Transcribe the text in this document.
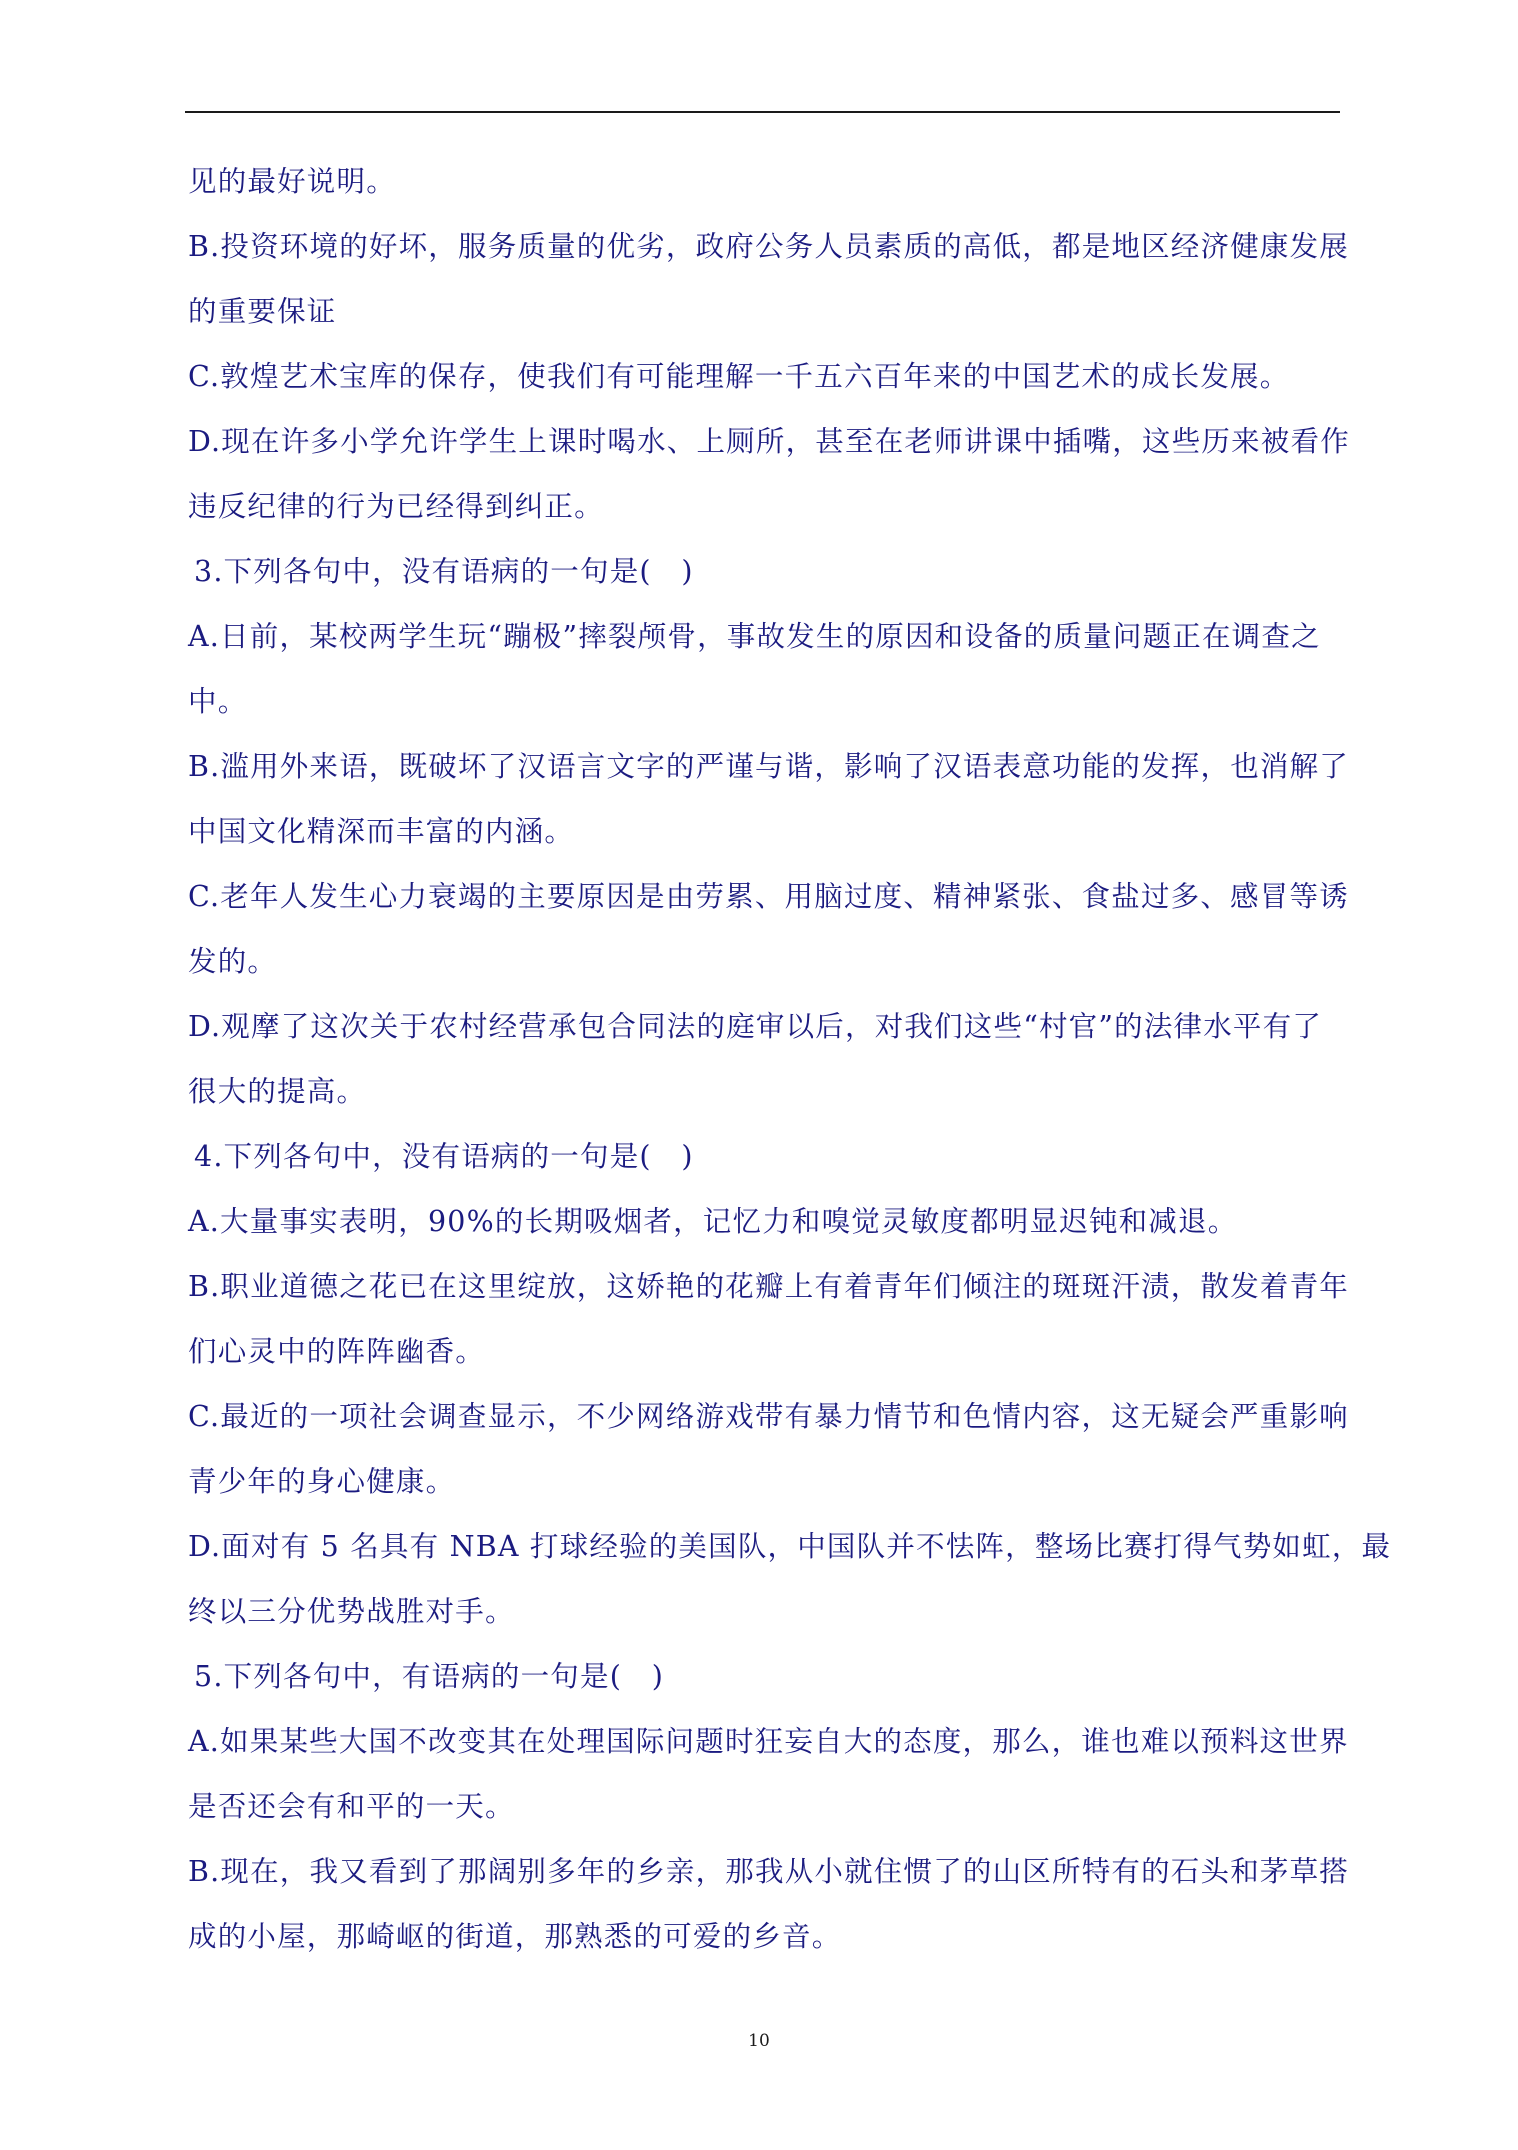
见的最好说明。
B.投资环境的好坏，服务质量的优劣，政府公务人员素质的高低，都是地区经济健康发展
的重要保证
C.敦煌艺术宝库的保存，使我们有可能理解一千五六百年来的中国艺术的成长发展。
D.现在许多小学允许学生上课时喝水、上厕所，甚至在老师讲课中插嘴，这些历来被看作
违反纪律的行为已经得到纠正。
3.下列各句中，没有语病的一句是(　)
A.日前，某校两学生玩“蹦极”摔裂颅骨，事故发生的原因和设备的质量问题正在调查之
中。
B.滥用外来语，既破坏了汉语言文字的严谨与谐，影响了汉语表意功能的发挥，也消解了
中国文化精深而丰富的内涵。
C.老年人发生心力衰竭的主要原因是由劳累、用脑过度、精神紧张、食盐过多、感冒等诱
发的。
D.观摩了这次关于农村经营承包合同法的庭审以后，对我们这些“村官”的法律水平有了
很大的提高。
4.下列各句中，没有语病的一句是(　)
A.大量事实表明，90%的长期吸烟者，记忆力和嗅觉灵敏度都明显迟钝和减退。
B.职业道德之花已在这里绽放，这娇艳的花瓣上有着青年们倾注的斑斑汗渍，散发着青年
们心灵中的阵阵幽香。
C.最近的一项社会调查显示，不少网络游戏带有暴力情节和色情内容，这无疑会严重影响
青少年的身心健康。
D.面对有 5 名具有 NBA 打球经验的美国队，中国队并不怯阵，整场比赛打得气势如虹，最
终以三分优势战胜对手。
5.下列各句中，有语病的一句是(　)
A.如果某些大国不改变其在处理国际问题时狂妄自大的态度，那么，谁也难以预料这世界
是否还会有和平的一天。
B.现在，我又看到了那阔别多年的乡亲，那我从小就住惯了的山区所特有的石头和茅草搭
成的小屋，那崎岖的街道，那熟悉的可爱的乡音。
10
